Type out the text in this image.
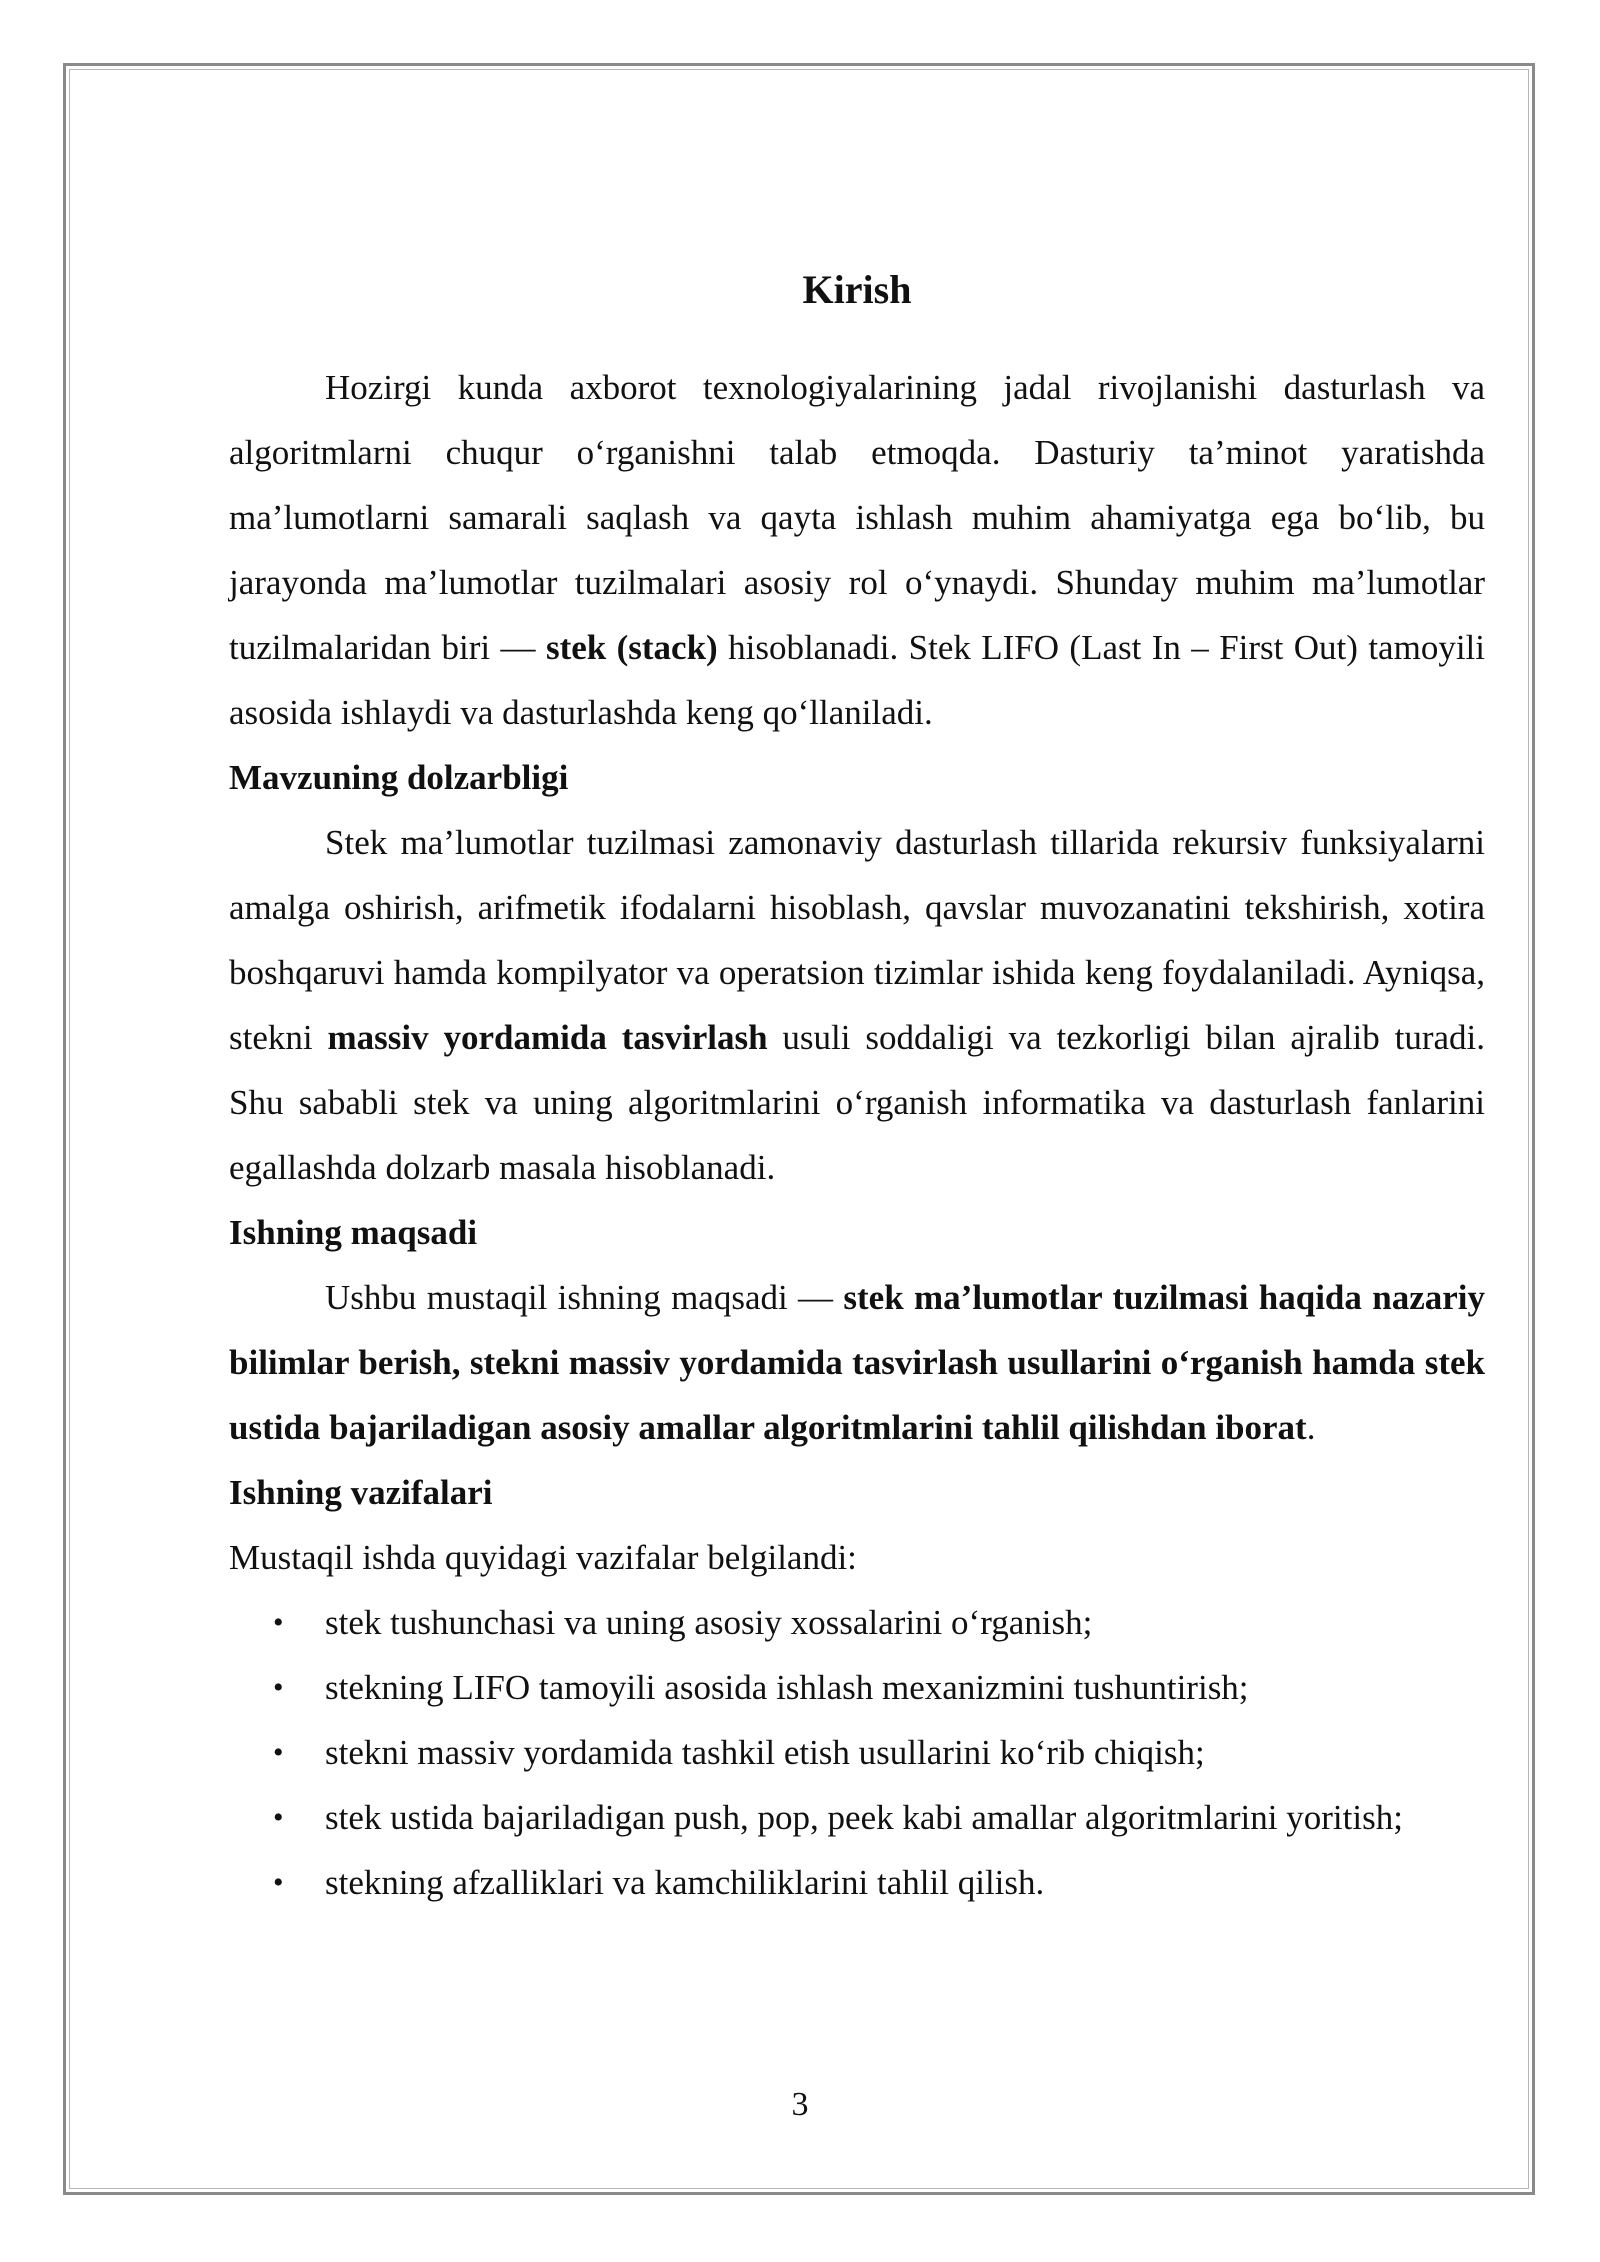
Kirish

Hozirgi kunda axborot texnologiyalarining jadal rivojlanishi dasturlash va algoritmlarni chuqur o‘rganishni talab etmoqda. Dasturiy ta’minot yaratishda ma’lumotlarni samarali saqlash va qayta ishlash muhim ahamiyatga ega bo‘lib, bu jarayonda ma’lumotlar tuzilmalari asosiy rol o‘ynaydi. Shunday muhim ma’lumotlar tuzilmalaridan biri — stek (stack) hisoblanadi. Stek LIFO (Last In – First Out) tamoyili asosida ishlaydi va dasturlashda keng qo‘llaniladi.

Mavzuning dolzarbligi

Stek ma’lumotlar tuzilmasi zamonaviy dasturlash tillarida rekursiv funksiyalarni amalga oshirish, arifmetik ifodalarni hisoblash, qavslar muvozanatini tekshirish, xotira boshqaruvi hamda kompilyator va operatsion tizimlar ishida keng foydalaniladi. Ayniqsa, stekni massiv yordamida tasvirlash usuli soddaligi va tezkorligi bilan ajralib turadi. Shu sababli stek va uning algoritmlarini o‘rganish informatika va dasturlash fanlarini egallashda dolzarb masala hisoblanadi.

Ishning maqsadi

Ushbu mustaqil ishning maqsadi — stek ma’lumotlar tuzilmasi haqida nazariy bilimlar berish, stekni massiv yordamida tasvirlash usullarini o‘rganish hamda stek ustida bajariladigan asosiy amallar algoritmlarini tahlil qilishdan iborat.

Ishning vazifalari

Mustaqil ishda quyidagi vazifalar belgilandi:

• stek tushunchasi va uning asosiy xossalarini o‘rganish;
• stekning LIFO tamoyili asosida ishlash mexanizmini tushuntirish;
• stekni massiv yordamida tashkil etish usullarini ko‘rib chiqish;
• stek ustida bajariladigan push, pop, peek kabi amallar algoritmlarini yoritish;
• stekning afzalliklari va kamchiliklarini tahlil qilish.
3
